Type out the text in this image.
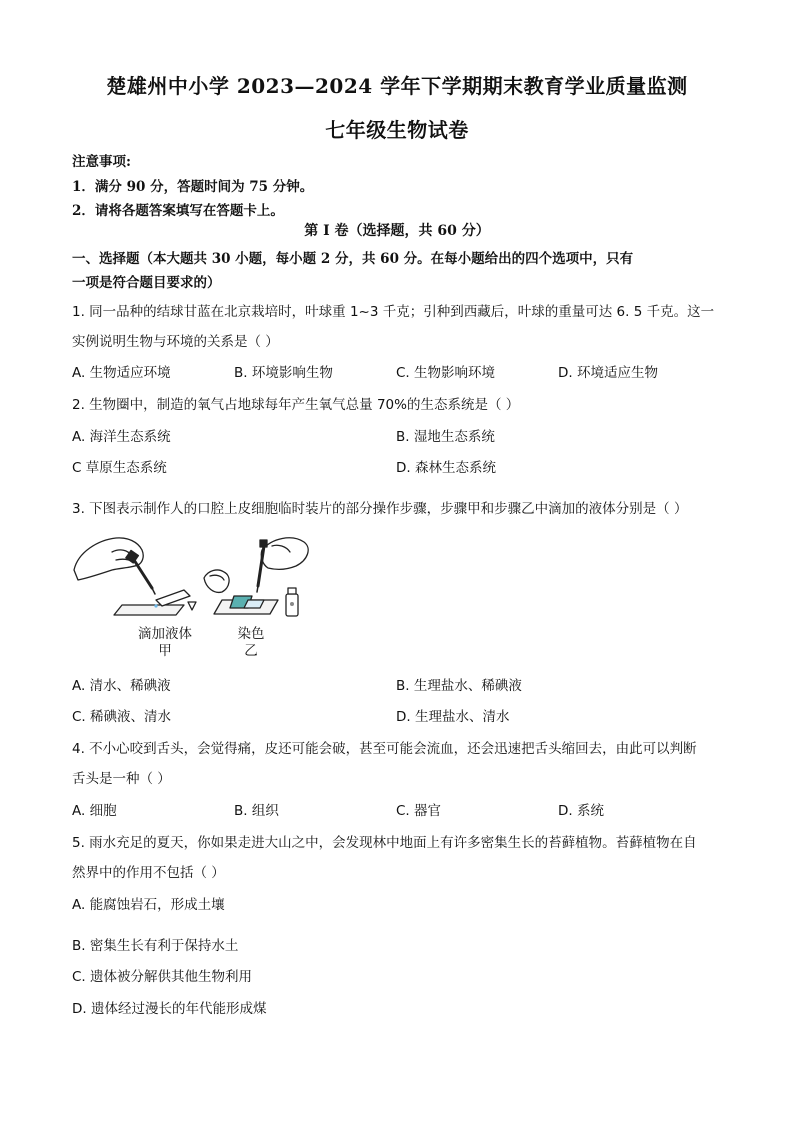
楚雄州中小学 2023—2024 学年下学期期末教育学业质量监测
七年级生物试卷
注意事项:
1．满分 90 分，答题时间为 75 分钟。
2．请将各题答案填写在答题卡上。
第 I 卷（选择题，共 60 分）
一、选择题（本大题共 30 小题，每小题 2 分，共 60 分。在每小题给出的四个选项中，只有
一项是符合题目要求的）
1. 同一品种的结球甘蓝在北京栽培时，叶球重 1~3 千克；引种到西藏后，叶球的重量可达 6. 5 千克。这一
实例说明生物与环境的关系是（ ）
A. 生物适应环境	B. 环境影响生物	C. 生物影响环境	D. 环境适应生物
2. 生物圈中，制造的氧气占地球每年产生氧气总量 70%的生态系统是（ ）
A. 海洋生态系统	B. 湿地生态系统
C 草原生态系统	D. 森林生态系统
3. 下图表示制作人的口腔上皮细胞临时装片的部分操作步骤，步骤甲和步骤乙中滴加的液体分别是（ ）
滴加液体
甲
染色
乙
A. 清水、稀碘液	B. 生理盐水、稀碘液
C. 稀碘液、清水	D. 生理盐水、清水
4. 不小心咬到舌头，会觉得痛，皮还可能会破，甚至可能会流血，还会迅速把舌头缩回去，由此可以判断
舌头是一种（ ）
A. 细胞	B. 组织	C. 器官	D. 系统
5. 雨水充足的夏天，你如果走进大山之中，会发现林中地面上有许多密集生长的苔藓植物。苔藓植物在自
然界中的作用不包括（ ）
A. 能腐蚀岩石，形成土壤
B. 密集生长有利于保持水土
C. 遗体被分解供其他生物利用
D. 遗体经过漫长的年代能形成煤
